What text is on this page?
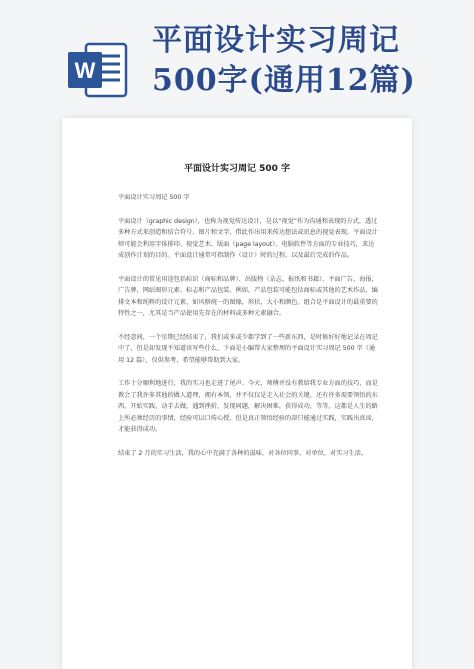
W
平面设计实习周记
500字(通用12篇)
平面设计实习周记 500 字

平面设计实习周记 500 字

平面设计（graphic design），也称为视觉传达设计，是以“视觉”作为沟通和表现的方式，透过多种方式来创造和结合符号、图片和文字，借此作出用来传达想法或讯息的视觉表现。平面设计师可能会利用字体排印、视觉艺术、版面（page layout）、电脑软件等方面的专业技巧，来达成创作计划的目的。平面设计通常可指制作（设计）时的过程，以及最后完成的作品。

平面设计的常见用途包括标识（商标和品牌）、出版物（杂志，报纸和书籍）、平面广告，海报，广告牌，网站图形元素、标志和产品包装。例如，产品包装可能包括商标或其他的艺术作品，编排文本和纯粹的设计元素，如风格统一的图像，形状，大小和颜色。组合是平面设计的最重要的特性之一，尤其是当产品使用先存在的材料或多种元素融合。

不经意间，一个星期已经结束了，我们或多或少都学到了一些新东西，是时候好好地记录在周记中了，但是却发现不知道该写些什么，下面是小编帮大家整理的平面设计实习周记 500 字（通用 12 篇），仅供参考，希望能够帮助到大家。

工作十分顺利地进行，我的实习也走进了尾声。今天，师傅并没有教给我专业方面的技巧，而是教会了我许多其他的做人道理，拥有本领，并不仅仅是走入社会的关键，还有许多需要领悟的东西，开始实践，动手去做，遇到挫折，发现问题，解决困难，获得成功，等等。这都是人生的路上所必须经历的事情，经验可以口传心授，但是真正领悟经验的却只能通过实践，实践出真谛，才能获得成功。

结束了 2 月的实习生活，我的心中充满了各种的滋味，对各位同事，对单位，对实习生活，
